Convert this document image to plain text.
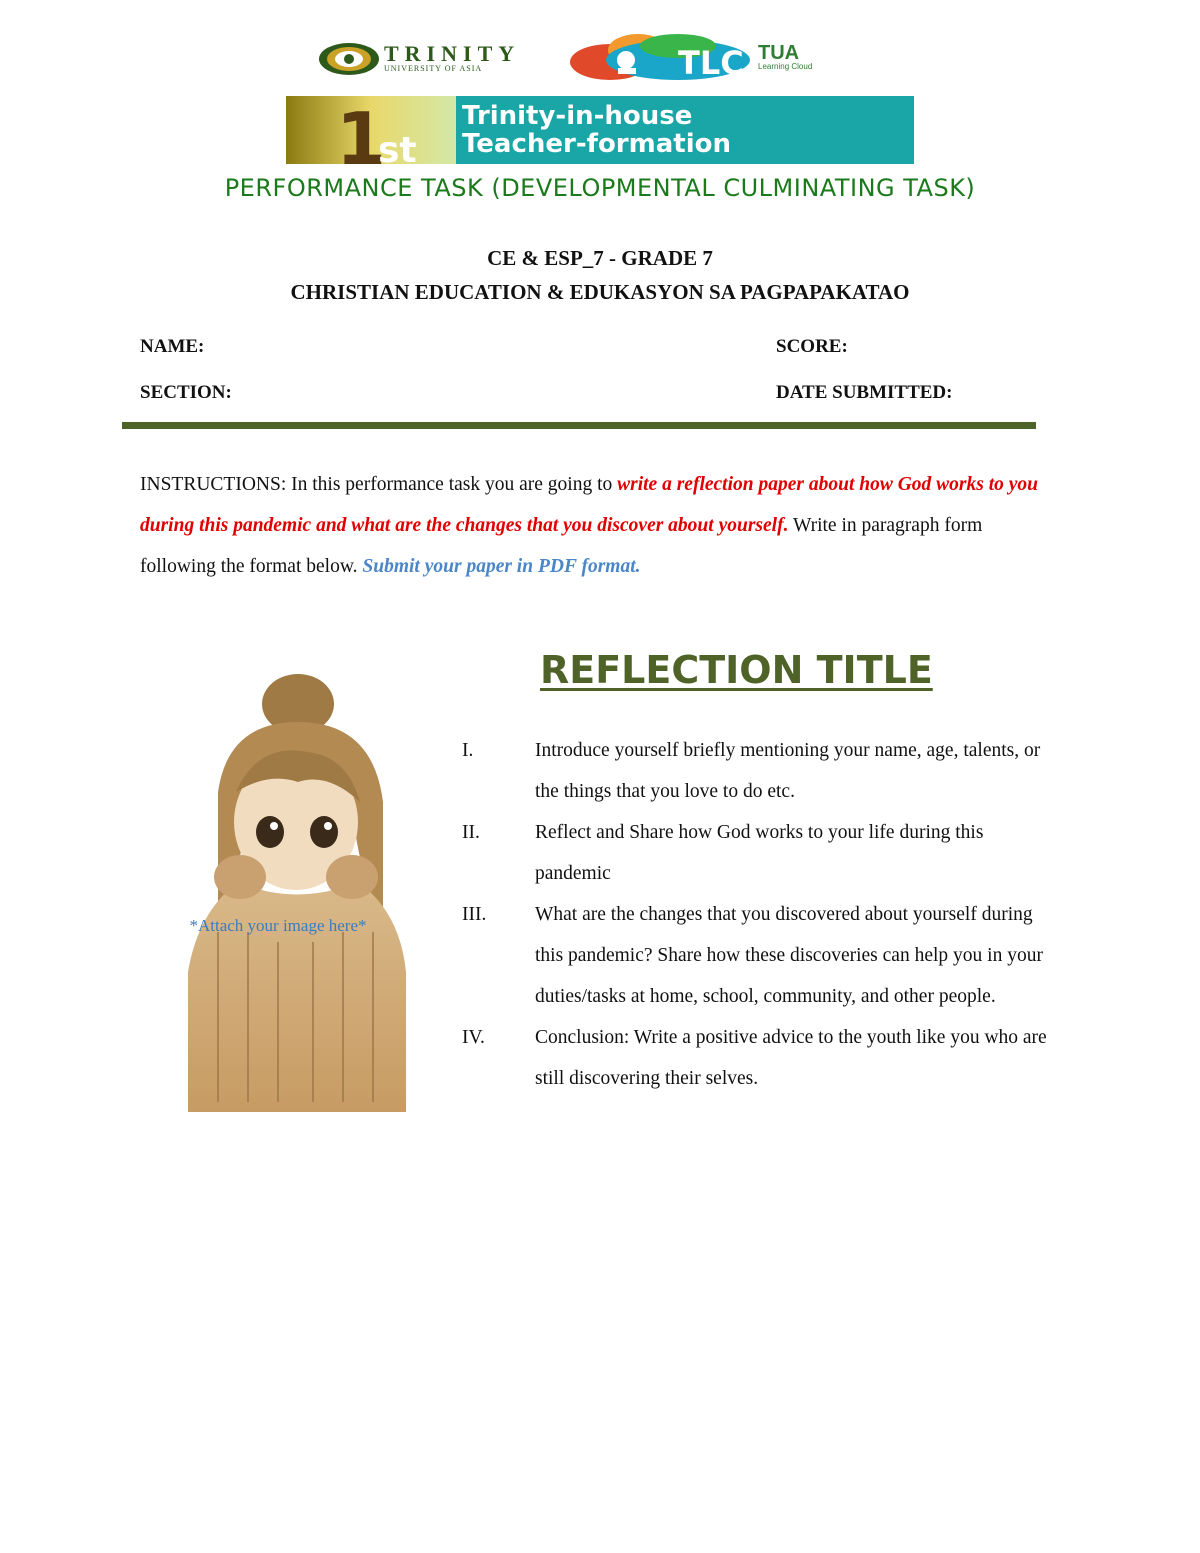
TRINITY
UNIVERSITY OF ASIA	TLC TUA
Learning Cloud
1
st
Trinity-in-house
Teacher-formation
PERFORMANCE TASK (DEVELOPMENTAL CULMINATING TASK)
CE & ESP_7 - GRADE 7
CHRISTIAN EDUCATION & EDUKASYON SA PAGPAPAKATAO
NAME:	SCORE:
SECTION:	DATE SUBMITTED:
INSTRUCTIONS: In this performance task you are going to write a reflection paper about how God works to you during this pandemic and what are the changes that you discover about yourself. Write in paragraph form following the format below. Submit your paper in PDF format.
REFLECTION TITLE
*Attach your image here*
I.	Introduce yourself briefly mentioning your name, age, talents, or the things that you love to do etc.
II.	Reflect and Share how God works to your life during this pandemic
III.	What are the changes that you discovered about yourself during this pandemic? Share how these discoveries can help you in your duties/tasks at home, school, community, and other people.
IV.	Conclusion: Write a positive advice to the youth like you who are still discovering their selves.
